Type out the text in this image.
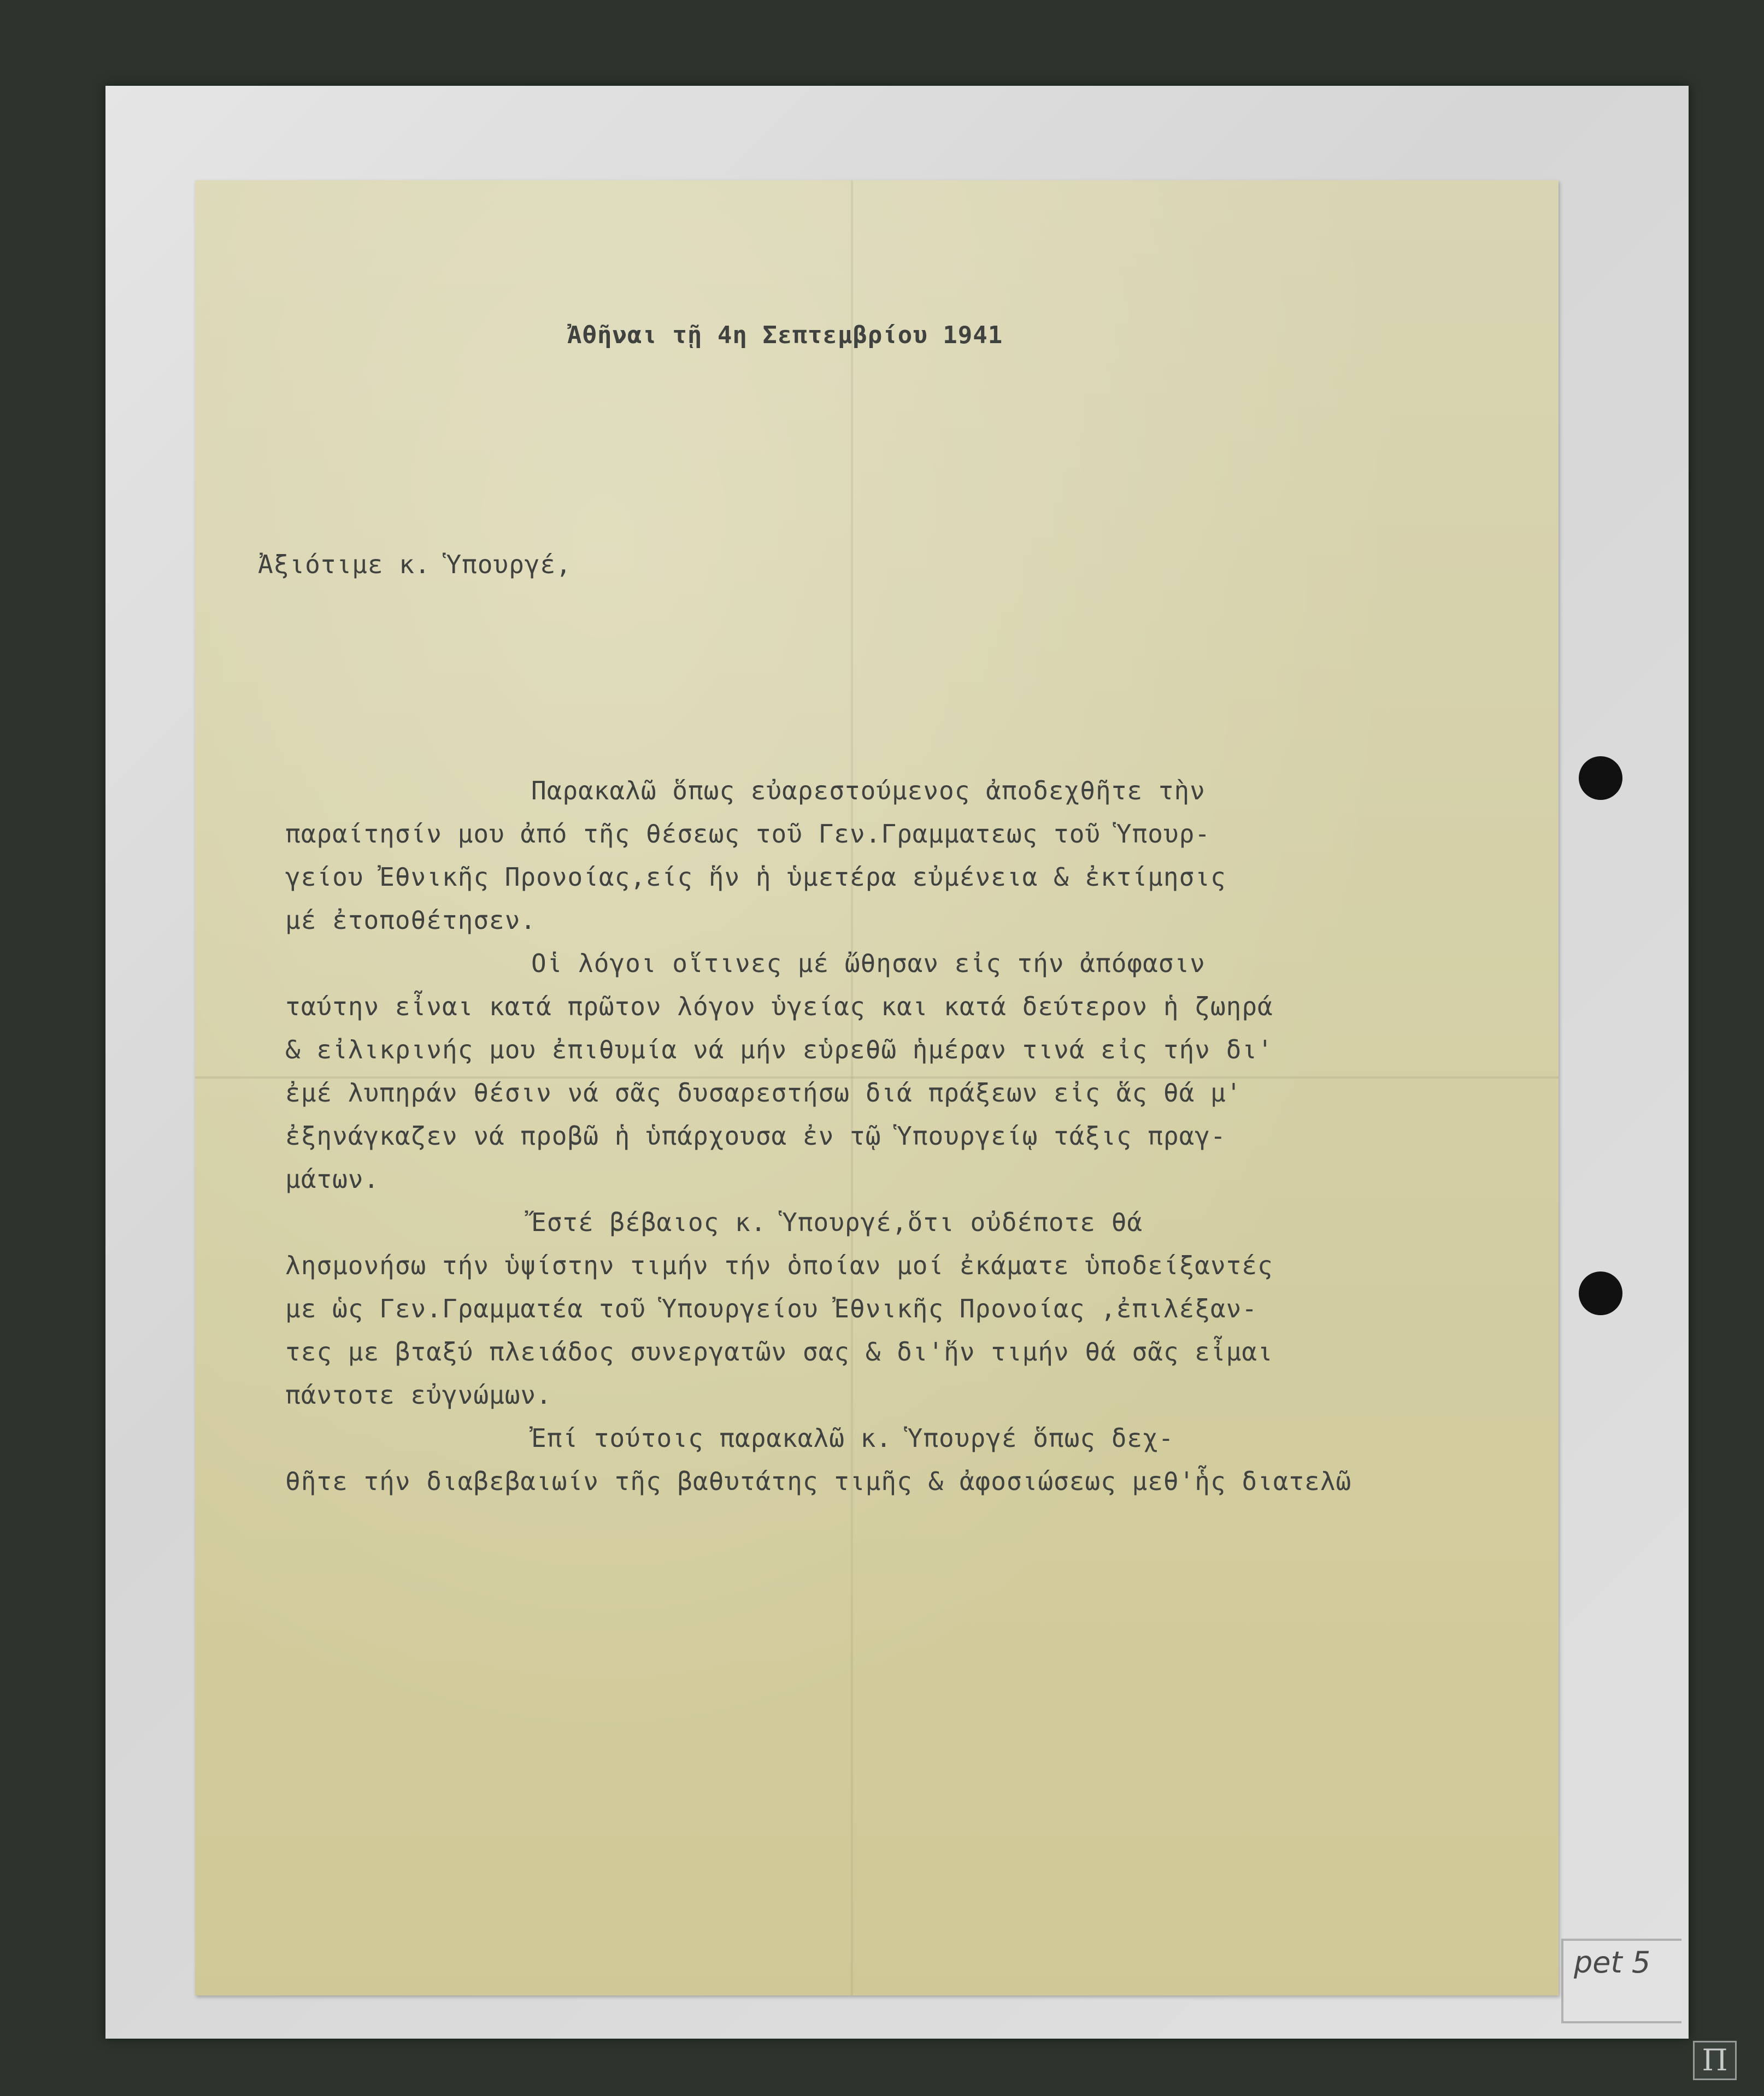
pet 5

Ἀθῆναι τῇ 4η Σεπτεμβρίου 1941

Ἀξιότιμε κ. Ὑπουργέ,

Παρακαλῶ ὅπως εὐαρεστούμενος ἀποδεχθῆτε τὴν

παραίτησίν μου ἀπό τῆς θέσεως τοῦ Γεν.Γραμματεως τοῦ Ὑπουρ-

γείου Ἐθνικῆς Προνοίας,είς ἥν ἡ ὑμετέρα εὐμένεια & ἐκτίμησις

μέ ἐτοποθέτησεν.

Οἱ λόγοι οἵτινες μέ ὤθησαν εἰς τήν ἀπόφασιν

ταύτην εἶναι κατά πρῶτον λόγον ὑγείας και κατά δεύτερον ἡ ζωηρά

& εἰλικρινής μου ἐπιθυμία νά μήν εὑρεθῶ ἡμέραν τινά εἰς τήν δι'

ἐμέ λυπηράν θέσιν νά σᾶς δυσαρεστήσω διά πράξεων εἰς ἅς θά μ'

ἐξηνάγκαζεν νά προβῶ ἡ ὑπάρχουσα ἐν τῷ Ὑπουργείῳ τάξις πραγ-

μάτων.

Ἔστέ βέβαιος κ. Ὑπουργέ,ὅτι οὐδέποτε θά

λησμονήσω τήν ὑψίστην τιμήν τήν ὁποίαν μοί ἐκάματε ὑποδείξαντές

με ὡς Γεν.Γραμματέα τοῦ Ὑπουργείου Ἐθνικῆς Προνοίας ,ἐπιλέξαν-

τες με βταξύ πλειάδος συνεργατῶν σας & δι'ἥν τιμήν θά σᾶς εἶμαι

πάντοτε εὐγνώμων.

Ἐπί τούτοις παρακαλῶ κ. Ὑπουργέ ὅπως δεχ-

θῆτε τήν διαβεβαιωίν τῆς βαθυτάτης τιμῆς & ἀφοσιώσεως μεθ'ἧς διατελῶ

Π
